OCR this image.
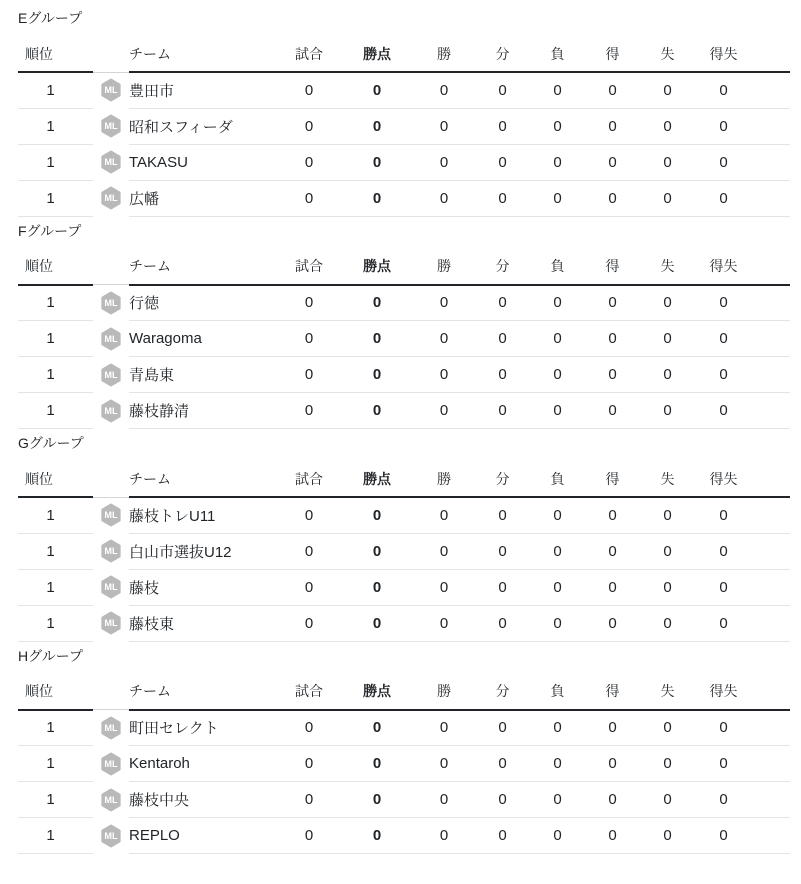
Eグループ
順位		チーム	試合	勝点	勝	分	負	得	失	得失
1	ML	豊田市	0	0	0	0	0	0	0	0
1	ML	昭和スフィーダ	0	0	0	0	0	0	0	0
1	ML	TAKASU	0	0	0	0	0	0	0	0
1	ML	広幡	0	0	0	0	0	0	0	0
Fグループ
順位		チーム	試合	勝点	勝	分	負	得	失	得失
1	ML	行徳	0	0	0	0	0	0	0	0
1	ML	Waragoma	0	0	0	0	0	0	0	0
1	ML	青島東	0	0	0	0	0	0	0	0
1	ML	藤枝静清	0	0	0	0	0	0	0	0
Gグループ
順位		チーム	試合	勝点	勝	分	負	得	失	得失
1	ML	藤枝トレU11	0	0	0	0	0	0	0	0
1	ML	白山市選抜U12	0	0	0	0	0	0	0	0
1	ML	藤枝	0	0	0	0	0	0	0	0
1	ML	藤枝東	0	0	0	0	0	0	0	0
Hグループ
順位		チーム	試合	勝点	勝	分	負	得	失	得失
1	ML	町田セレクト	0	0	0	0	0	0	0	0
1	ML	Kentaroh	0	0	0	0	0	0	0	0
1	ML	藤枝中央	0	0	0	0	0	0	0	0
1	ML	REPLO	0	0	0	0	0	0	0	0
